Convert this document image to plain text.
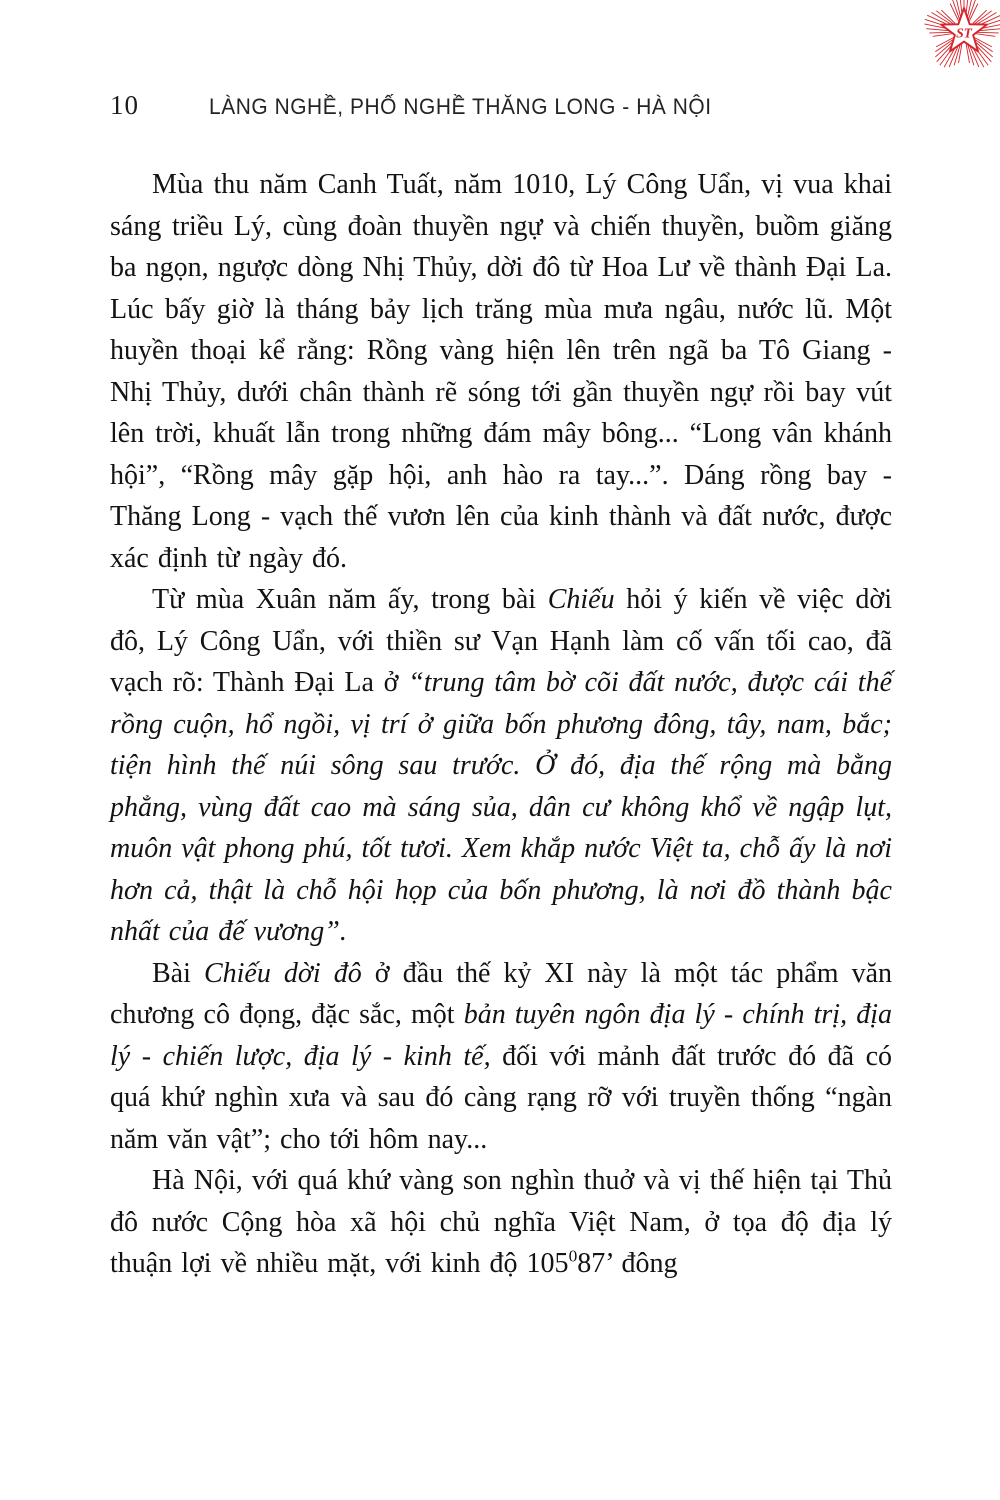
ST
10	LÀNG NGHỀ, PHỐ NGHỀ THĂNG LONG - HÀ NỘI

Mùa thu năm Canh Tuất, năm 1010, Lý Công Uẩn, vị vua khai sáng triều Lý, cùng đoàn thuyền ngự và chiến thuyền, buồm giăng ba ngọn, ngược dòng Nhị Thủy, dời đô từ Hoa Lư về thành Đại La. Lúc bấy giờ là tháng bảy lịch trăng mùa mưa ngâu, nước lũ. Một huyền thoại kể rằng: Rồng vàng hiện lên trên ngã ba Tô Giang - Nhị Thủy, dưới chân thành rẽ sóng tới gần thuyền ngự rồi bay vút lên trời, khuất lẫn trong những đám mây bông... “Long vân khánh hội”, “Rồng mây gặp hội, anh hào ra tay...”. Dáng rồng bay - Thăng Long - vạch thế vươn lên của kinh thành và đất nước, được xác định từ ngày đó.

Từ mùa Xuân năm ấy, trong bài Chiếu hỏi ý kiến về việc dời đô, Lý Công Uẩn, với thiền sư Vạn Hạnh làm cố vấn tối cao, đã vạch rõ: Thành Đại La ở “trung tâm bờ cõi đất nước, được cái thế rồng cuộn, hổ ngồi, vị trí ở giữa bốn phương đông, tây, nam, bắc; tiện hình thế núi sông sau trước. Ở đó, địa thế rộng mà bằng phẳng, vùng đất cao mà sáng sủa, dân cư không khổ về ngập lụt, muôn vật phong phú, tốt tươi. Xem khắp nước Việt ta, chỗ ấy là nơi hơn cả, thật là chỗ hội họp của bốn phương, là nơi đồ thành bậc nhất của đế vương”.

Bài Chiếu dời đô ở đầu thế kỷ XI này là một tác phẩm văn chương cô đọng, đặc sắc, một bản tuyên ngôn địa lý - chính trị, địa lý - chiến lược, địa lý - kinh tế, đối với mảnh đất trước đó đã có quá khứ nghìn xưa và sau đó càng rạng rỡ với truyền thống “ngàn năm văn vật”; cho tới hôm nay...

Hà Nội, với quá khứ vàng son nghìn thuở và vị thế hiện tại Thủ đô nước Cộng hòa xã hội chủ nghĩa Việt Nam, ở tọa độ địa lý thuận lợi về nhiều mặt, với kinh độ $105^087$’ đông
